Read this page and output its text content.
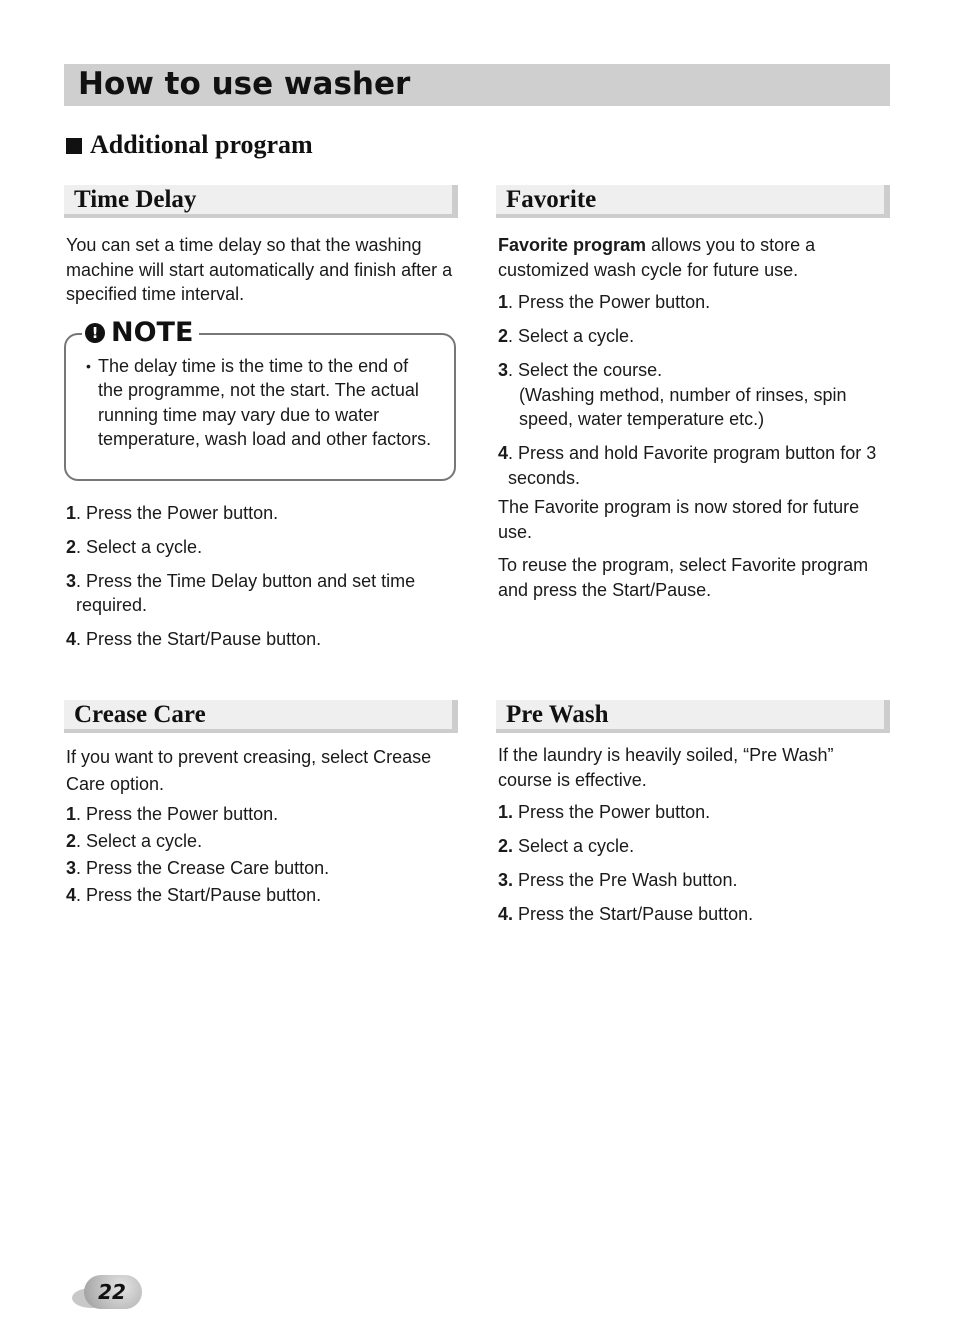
How to use washer
Additional program
Time Delay

You can set a time delay so that the washing machine will start automatically and finish after a specified time interval.

! NOTE
• The delay time is the time to the end of the programme, not the start. The actual running time may vary due to water temperature, wash load and other factors.
1. Press the Power button.
2. Select a cycle.
3 . Press the Time Delay button and set time required.
4. Press the Start/Pause button.
Favorite

Favorite program allows you to store a customized wash cycle for future use.

1. Press the Power button.
2. Select a cycle.
3. Select the course.
(Washing method, number of rinses, spin speed, water temperature etc.)
4 . Press and hold Favorite program button for 3 seconds.

The Favorite program is now stored for future use.

To reuse the program, select Favorite program and press the Start/Pause.

Crease Care

If you want to prevent creasing, select Crease Care option.

1. Press the Power button.
2. Select a cycle.
3. Press the Crease Care button.
4. Press the Start/Pause button.
Pre Wash

If the laundry is heavily soiled, “Pre Wash” course is effective.

1. Press the Power button.
2. Select a cycle.
3. Press the Pre Wash button.
4. Press the Start/Pause button.
22
